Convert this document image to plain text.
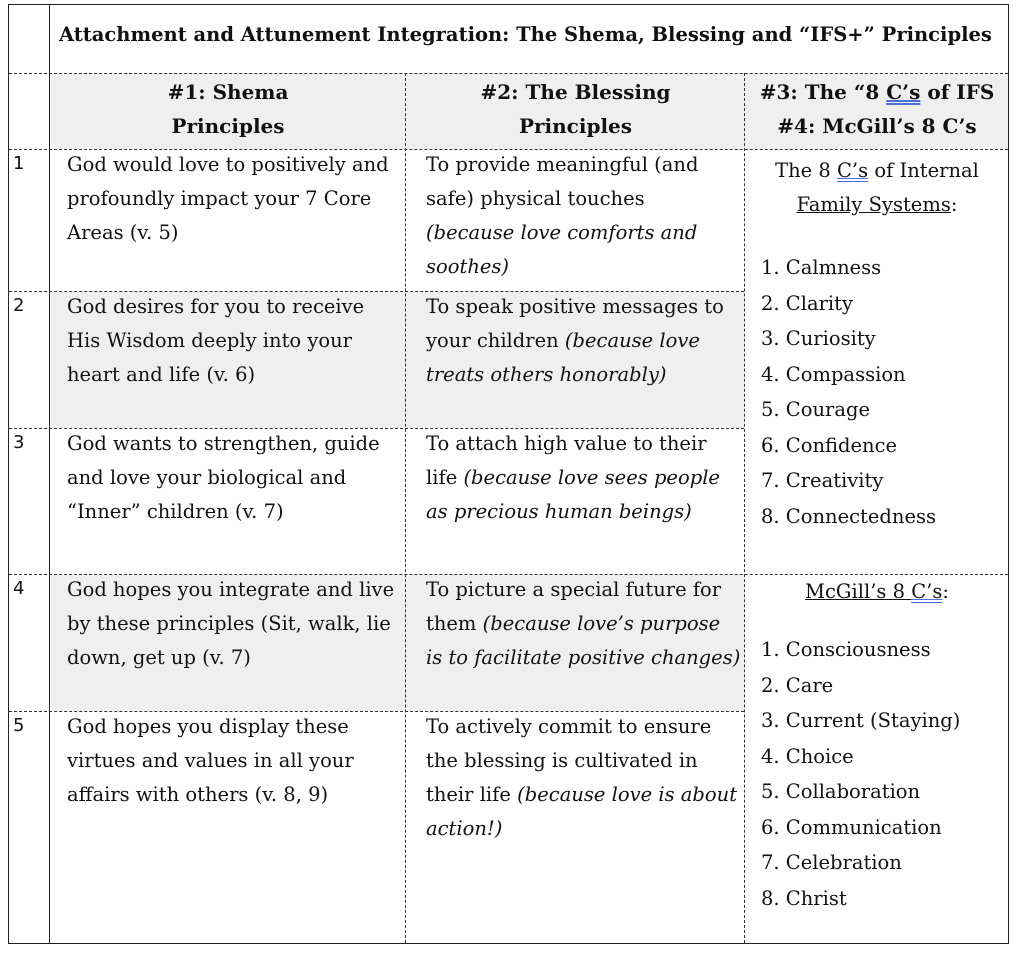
Attachment and Attunement Integration: The Shema, Blessing and “IFS+” Principles
#1: Shema
Principles
#2: The Blessing
Principles
#3: The “8 C’s of IFS
#4: McGill’s 8 C’s
1
2
3
4
5
God would love to positively and profoundly impact your 7 Core Areas (v. 5)
God desires for you to receive His Wisdom deeply into your heart and life (v. 6)
God wants to strengthen, guide and love your biological and “Inner” children (v. 7)
God hopes you integrate and live by these principles (Sit, walk, lie down, get up (v. 7)
God hopes you display these virtues and values in all your affairs with others (v. 8, 9)
To provide meaningful (and safe) physical touches
(because love comforts and soothes)
To speak positive messages to your children (because love treats others honorably)
To attach high value to their life (because love sees people as precious human beings)
To picture a special future for them (because love’s purpose is to facilitate positive changes)
To actively commit to ensure the blessing is cultivated in their life (because love is about action!)
The 8 C’s of Internal
Family Systems:
1. Calmness
2. Clarity
3. Curiosity
4. Compassion
5. Courage
6. Confidence
7. Creativity
8. Connectedness
McGill’s 8 C’s:
1. Consciousness
2. Care
3. Current (Staying)
4. Choice
5. Collaboration
6. Communication
7. Celebration
8. Christ
